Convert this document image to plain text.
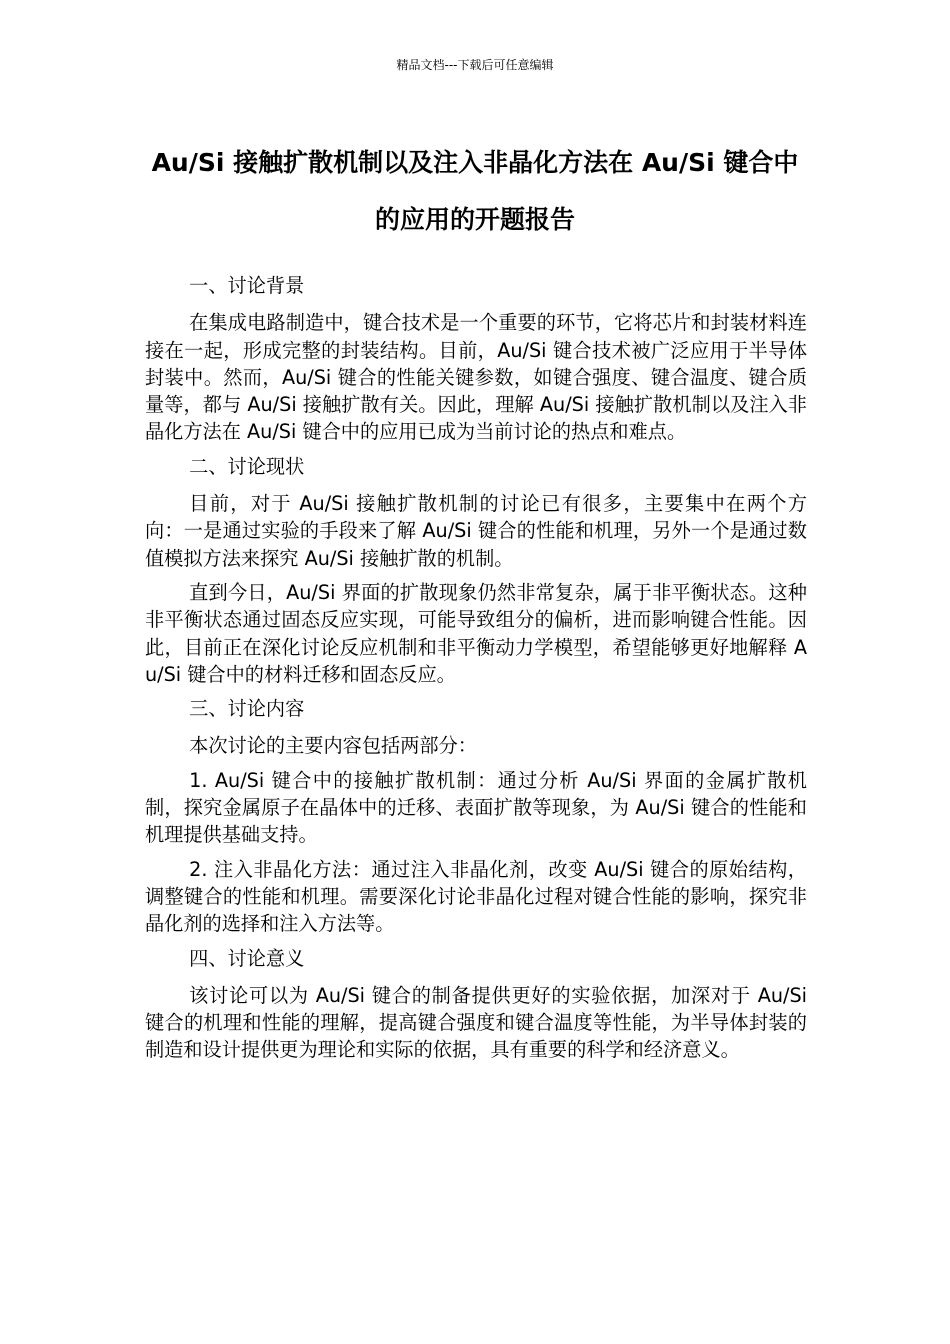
精品文档---下载后可任意编辑
Au/Si 接触扩散机制以及注入非晶化方法在 Au/Si 键合中的应用的开题报告

一、讨论背景

在集成电路制造中，键合技术是一个重要的环节，它将芯片和封装材料连接在一起，形成完整的封装结构。目前，Au/Si 键合技术被广泛应用于半导体封装中。然而，Au/Si 键合的性能关键参数，如键合强度、键合温度、键合质量等，都与 Au/Si 接触扩散有关。因此，理解 Au/Si 接触扩散机制以及注入非晶化方法在 Au/Si 键合中的应用已成为当前讨论的热点和难点。

二、讨论现状

目前，对于 Au/Si 接触扩散机制的讨论已有很多，主要集中在两个方向：一是通过实验的手段来了解 Au/Si 键合的性能和机理，另外一个是通过数值模拟方法来探究 Au/Si 接触扩散的机制。

直到今日，Au/Si 界面的扩散现象仍然非常复杂，属于非平衡状态。这种非平衡状态通过固态反应实现，可能导致组分的偏析，进而影响键合性能。因此，目前正在深化讨论反应机制和非平衡动力学模型，希望能够更好地解释 Au/Si 键合中的材料迁移和固态反应。

三、讨论内容

本次讨论的主要内容包括两部分：

1. Au/Si 键合中的接触扩散机制：通过分析 Au/Si 界面的金属扩散机制，探究金属原子在晶体中的迁移、表面扩散等现象，为 Au/Si 键合的性能和机理提供基础支持。

2. 注入非晶化方法：通过注入非晶化剂，改变 Au/Si 键合的原始结构，调整键合的性能和机理。需要深化讨论非晶化过程对键合性能的影响，探究非晶化剂的选择和注入方法等。

四、讨论意义

该讨论可以为 Au/Si 键合的制备提供更好的实验依据，加深对于 Au/Si 键合的机理和性能的理解，提高键合强度和键合温度等性能，为半导体封装的制造和设计提供更为理论和实际的依据，具有重要的科学和经济意义。
